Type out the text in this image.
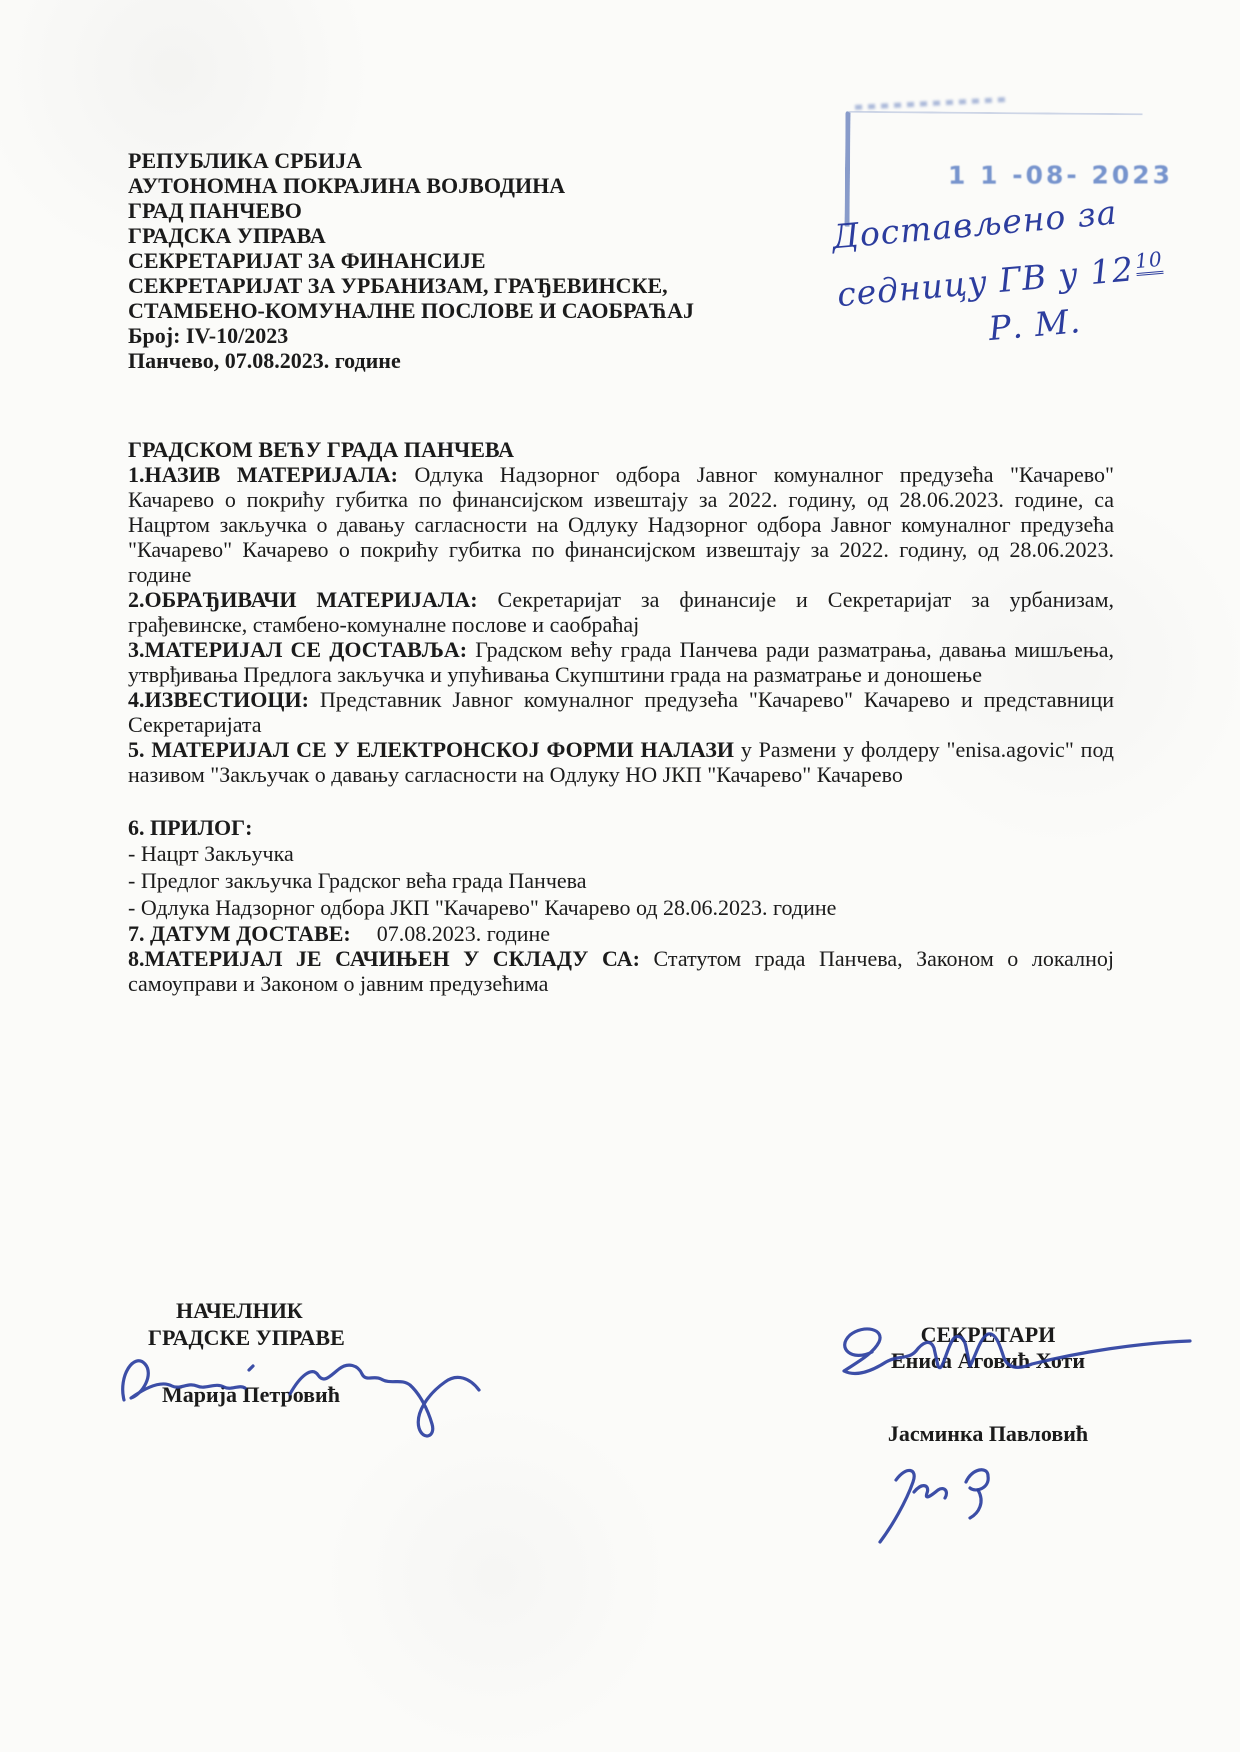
1 1 -08- 2023
Достављено за
седницу ГВ у $12^{10}$
Р. М.
РЕПУБЛИКА СРБИЈА
АУТОНОМНА ПОКРАЈИНА ВОЈВОДИНА
ГРАД ПАНЧЕВО
ГРАДСКА УПРАВА
СЕКРЕТАРИЈАТ ЗА ФИНАНСИЈЕ
СЕКРЕТАРИЈАТ ЗА УРБАНИЗАМ, ГРАЂЕВИНСКЕ,
СТАМБЕНО-КОМУНАЛНЕ ПОСЛОВЕ И САОБРАЋАЈ
Број: IV-10/2023
Панчево, 07.08.2023. године
ГРАДСКОМ ВЕЋУ ГРАДА ПАНЧЕВА

1.НАЗИВ МАТЕРИЈАЛА: Одлука Надзорног одбора Јавног комуналног предузећа "Качарево" Качарево о покрићу губитка по финансијском извештају за 2022. годину, од 28.06.2023. године, са Нацртом закључка о давању сагласности на Одлуку Надзорног одбора Јавног комуналног предузећа "Качарево" Качарево о покрићу губитка по финансијском извештају за 2022. годину, од 28.06.2023. године

2.ОБРАЂИВАЧИ МАТЕРИЈАЛА: Секретаријат за финансије и Секретаријат за урбанизам, грађевинске, стамбено-комуналне послове и саобраћај

3.МАТЕРИЈАЛ СЕ ДОСТАВЉА: Градском већу града Панчева ради разматрања, давања мишљења, утврђивања Предлога закључка и упућивања Скупштини града на разматрање и доношење

4.ИЗВЕСТИОЦИ: Представник Јавног комуналног предузећа "Качарево" Качарево и представници Секретаријата

5. МАТЕРИЈАЛ СЕ У ЕЛЕКТРОНСКОЈ ФОРМИ НАЛАЗИ у Размени у фолдеру "enisa.agovic" под називом "Закључак о давању сагласности на Одлуку НО ЈКП "Качарево" Качарево

6. ПРИЛОГ:
- Нацрт Закључка
- Предлог закључка Градског већа града Панчева
- Одлука Надзорног одбора ЈКП "Качарево" Качарево од 28.06.2023. године

7. ДАТУМ ДОСТАВЕ: 07.08.2023. године

8.МАТЕРИЈАЛ ЈЕ САЧИЊЕН У СКЛАДУ СА: Статутом града Панчева, Законом о локалној самоуправи и Законом о јавним предузећима

НАЧЕЛНИК
ГРАДСКЕ УПРАВЕ
Марија Петровић
СЕКРЕТАРИ
Ениса Аговић Хоти
Јасминка Павловић
